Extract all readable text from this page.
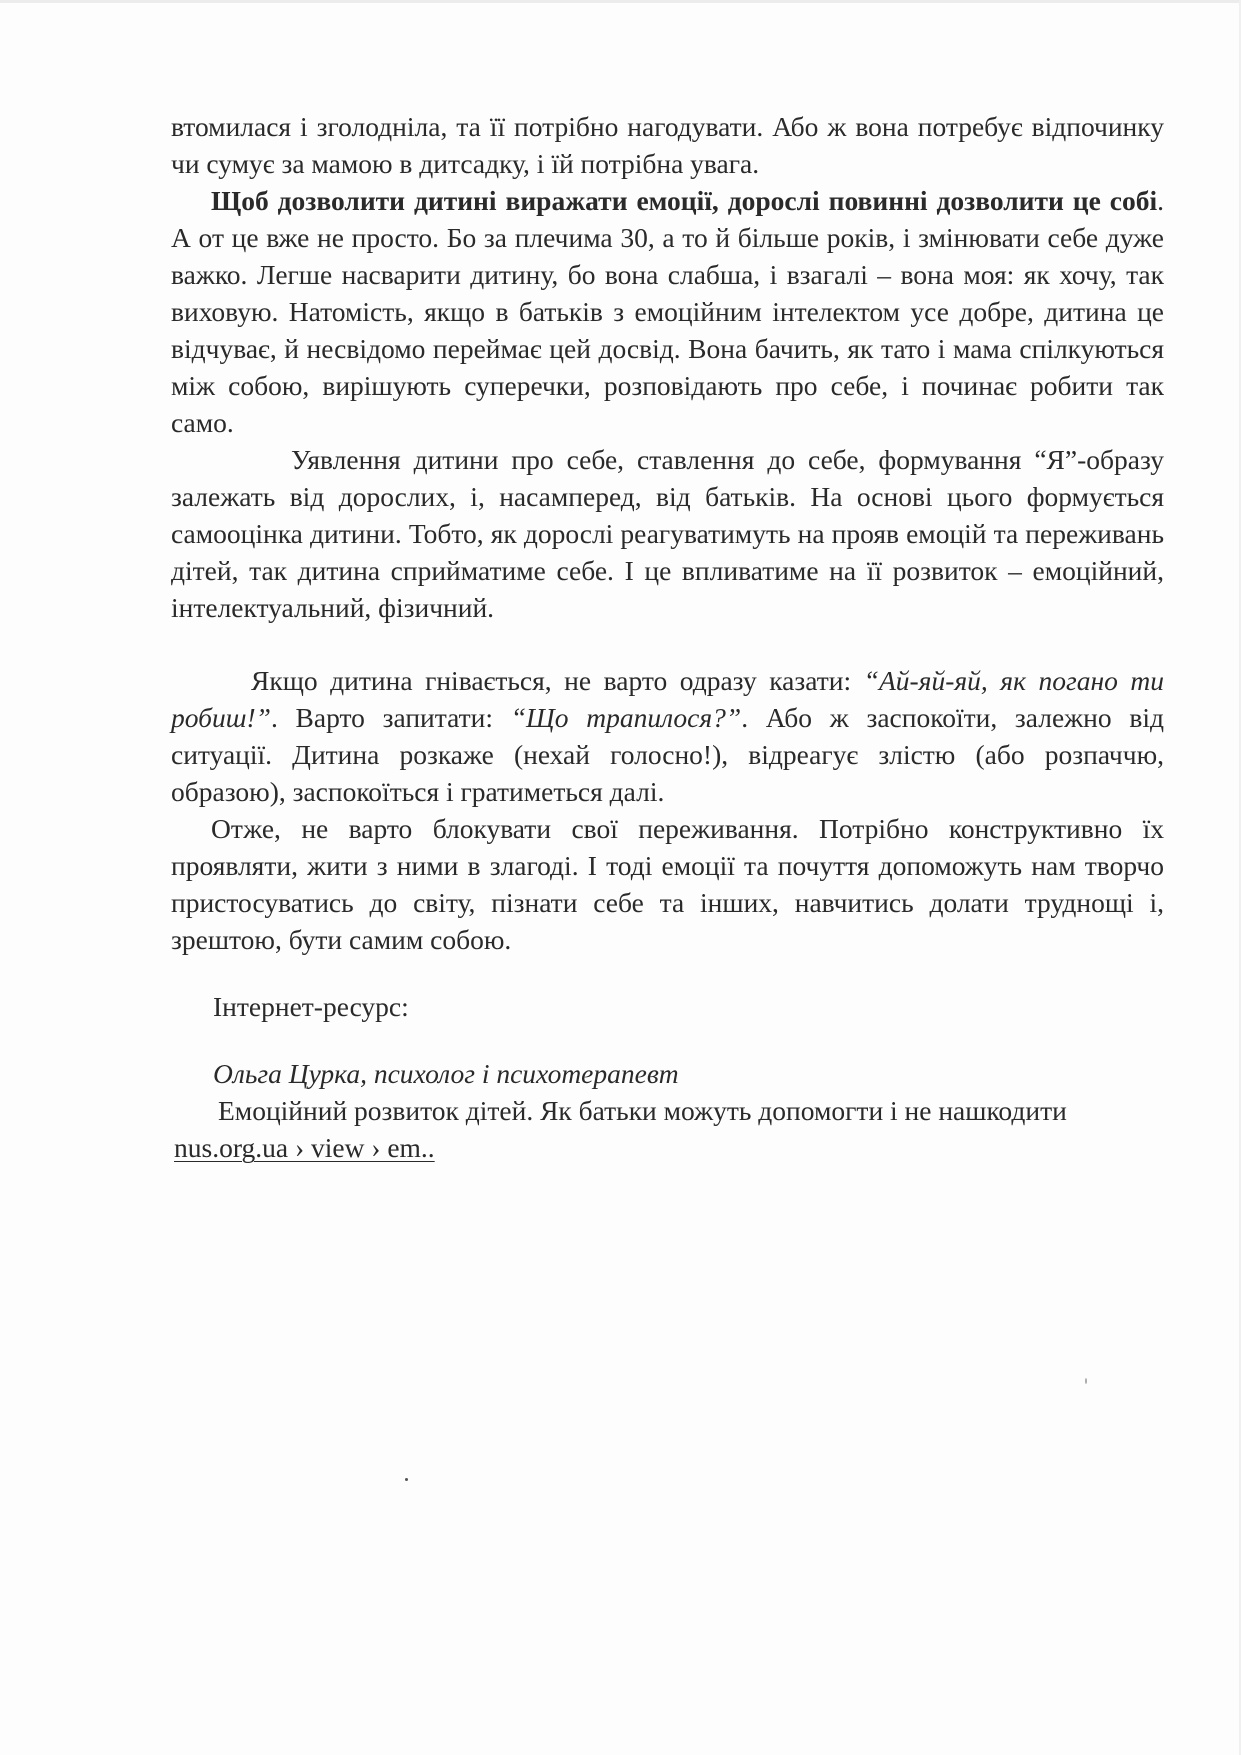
втомилася і зголодніла, та її потрібно нагодувати. Або ж вона потребує відпочинку чи сумує за мамою в дитсадку, і їй потрібна увага.

Щоб дозволити дитині виражати емоції, дорослі повинні дозволити це собі. А от це вже не просто. Бо за плечима 30, а то й більше років, і змінювати себе дуже важко. Легше насварити дитину, бо вона слабша, і взагалі – вона моя: як хочу, так виховую. Натомість, якщо в батьків з емоційним інтелектом усе добре, дитина це відчуває, й несвідомо переймає цей досвід. Вона бачить, як тато і мама спілкуються між собою, вирішують суперечки, розповідають про себе, і починає робити так само.

Уявлення дитини про себе, ставлення до себе, формування “Я”-образу залежать від дорослих, і, насамперед, від батьків. На основі цього формується самооцінка дитини. Тобто, як дорослі реагуватимуть на прояв емоцій та переживань дітей, так дитина сприйматиме себе. І це впливатиме на її розвиток – емоційний, інтелектуальний, фізичний.

Якщо дитина гнівається, не варто одразу казати: “Ай-яй-яй, як погано ти робиш!”. Варто запитати: “Що трапилося?”. Або ж заспокоїти, залежно від ситуації. Дитина розкаже (нехай голосно!), відреагує злістю (або розпаччю, образою), заспокоїться і гратиметься далі.

Отже, не варто блокувати свої переживання. Потрібно конструктивно їх проявляти, жити з ними в злагоді. І тоді емоції та почуття допоможуть нам творчо пристосуватись до світу, пізнати себе та інших, навчитись долати труднощі і, зрештою, бути самим собою.

Інтернет-ресурс:

Ольга Цурка, психолог і психотерапевт

Емоційний розвиток дітей. Як батьки можуть допомогти і не нашкодити

nus.org.ua › view › em..
